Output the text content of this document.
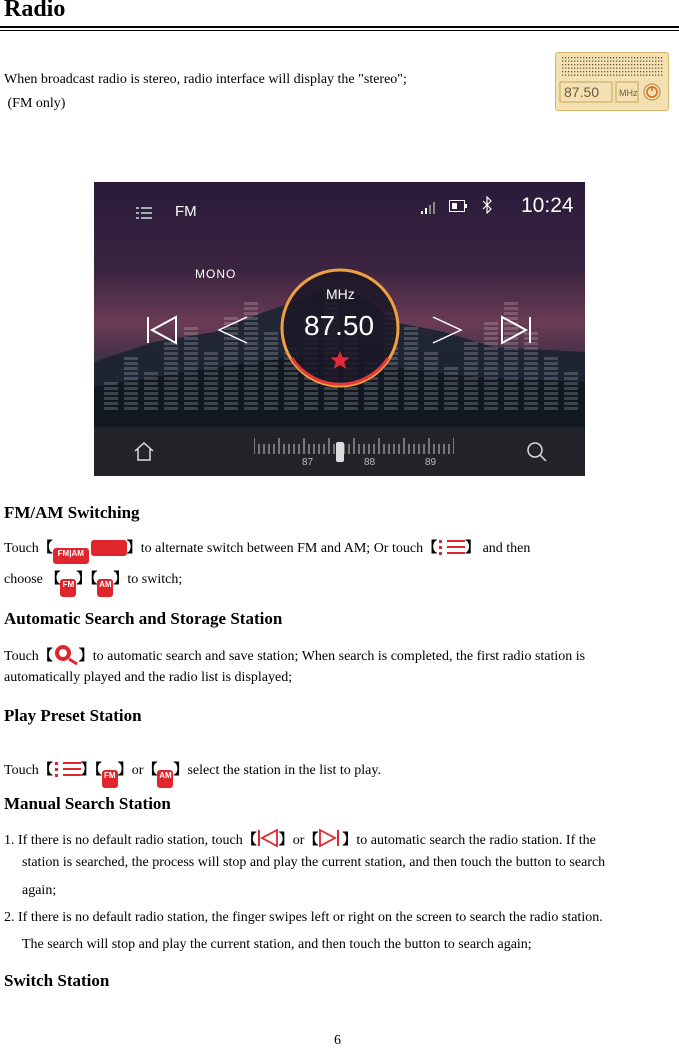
Radio
When broadcast radio is stereo, radio interface will display the "stereo";
(FM only)
87.50 MHz
FM	10:24
MONO
MHz
87.50
87	88	89
FM/AM Switching
Touch【 FM|AM	】to alternate switch between FM and AM; Or touch【 】 and then
choose 【 FM 】【 AM 】to switch;
Automatic Search and Storage Station
Touch【 】to automatic search and save station; When search is completed, the first radio station is
automatically played and the radio list is displayed;
Play Preset Station
Touch【 】【 FM 】or【 AM 】select the station in the list to play.
Manual Search Station
1. If there is no default radio station, touch【 】or【 】to automatic search the radio station. If the
station is searched, the process will stop and play the current station, and then touch the button to search
again;
2. If there is no default radio station, the finger swipes left or right on the screen to search the radio station.
The search will stop and play the current station, and then touch the button to search again;
Switch Station
6
